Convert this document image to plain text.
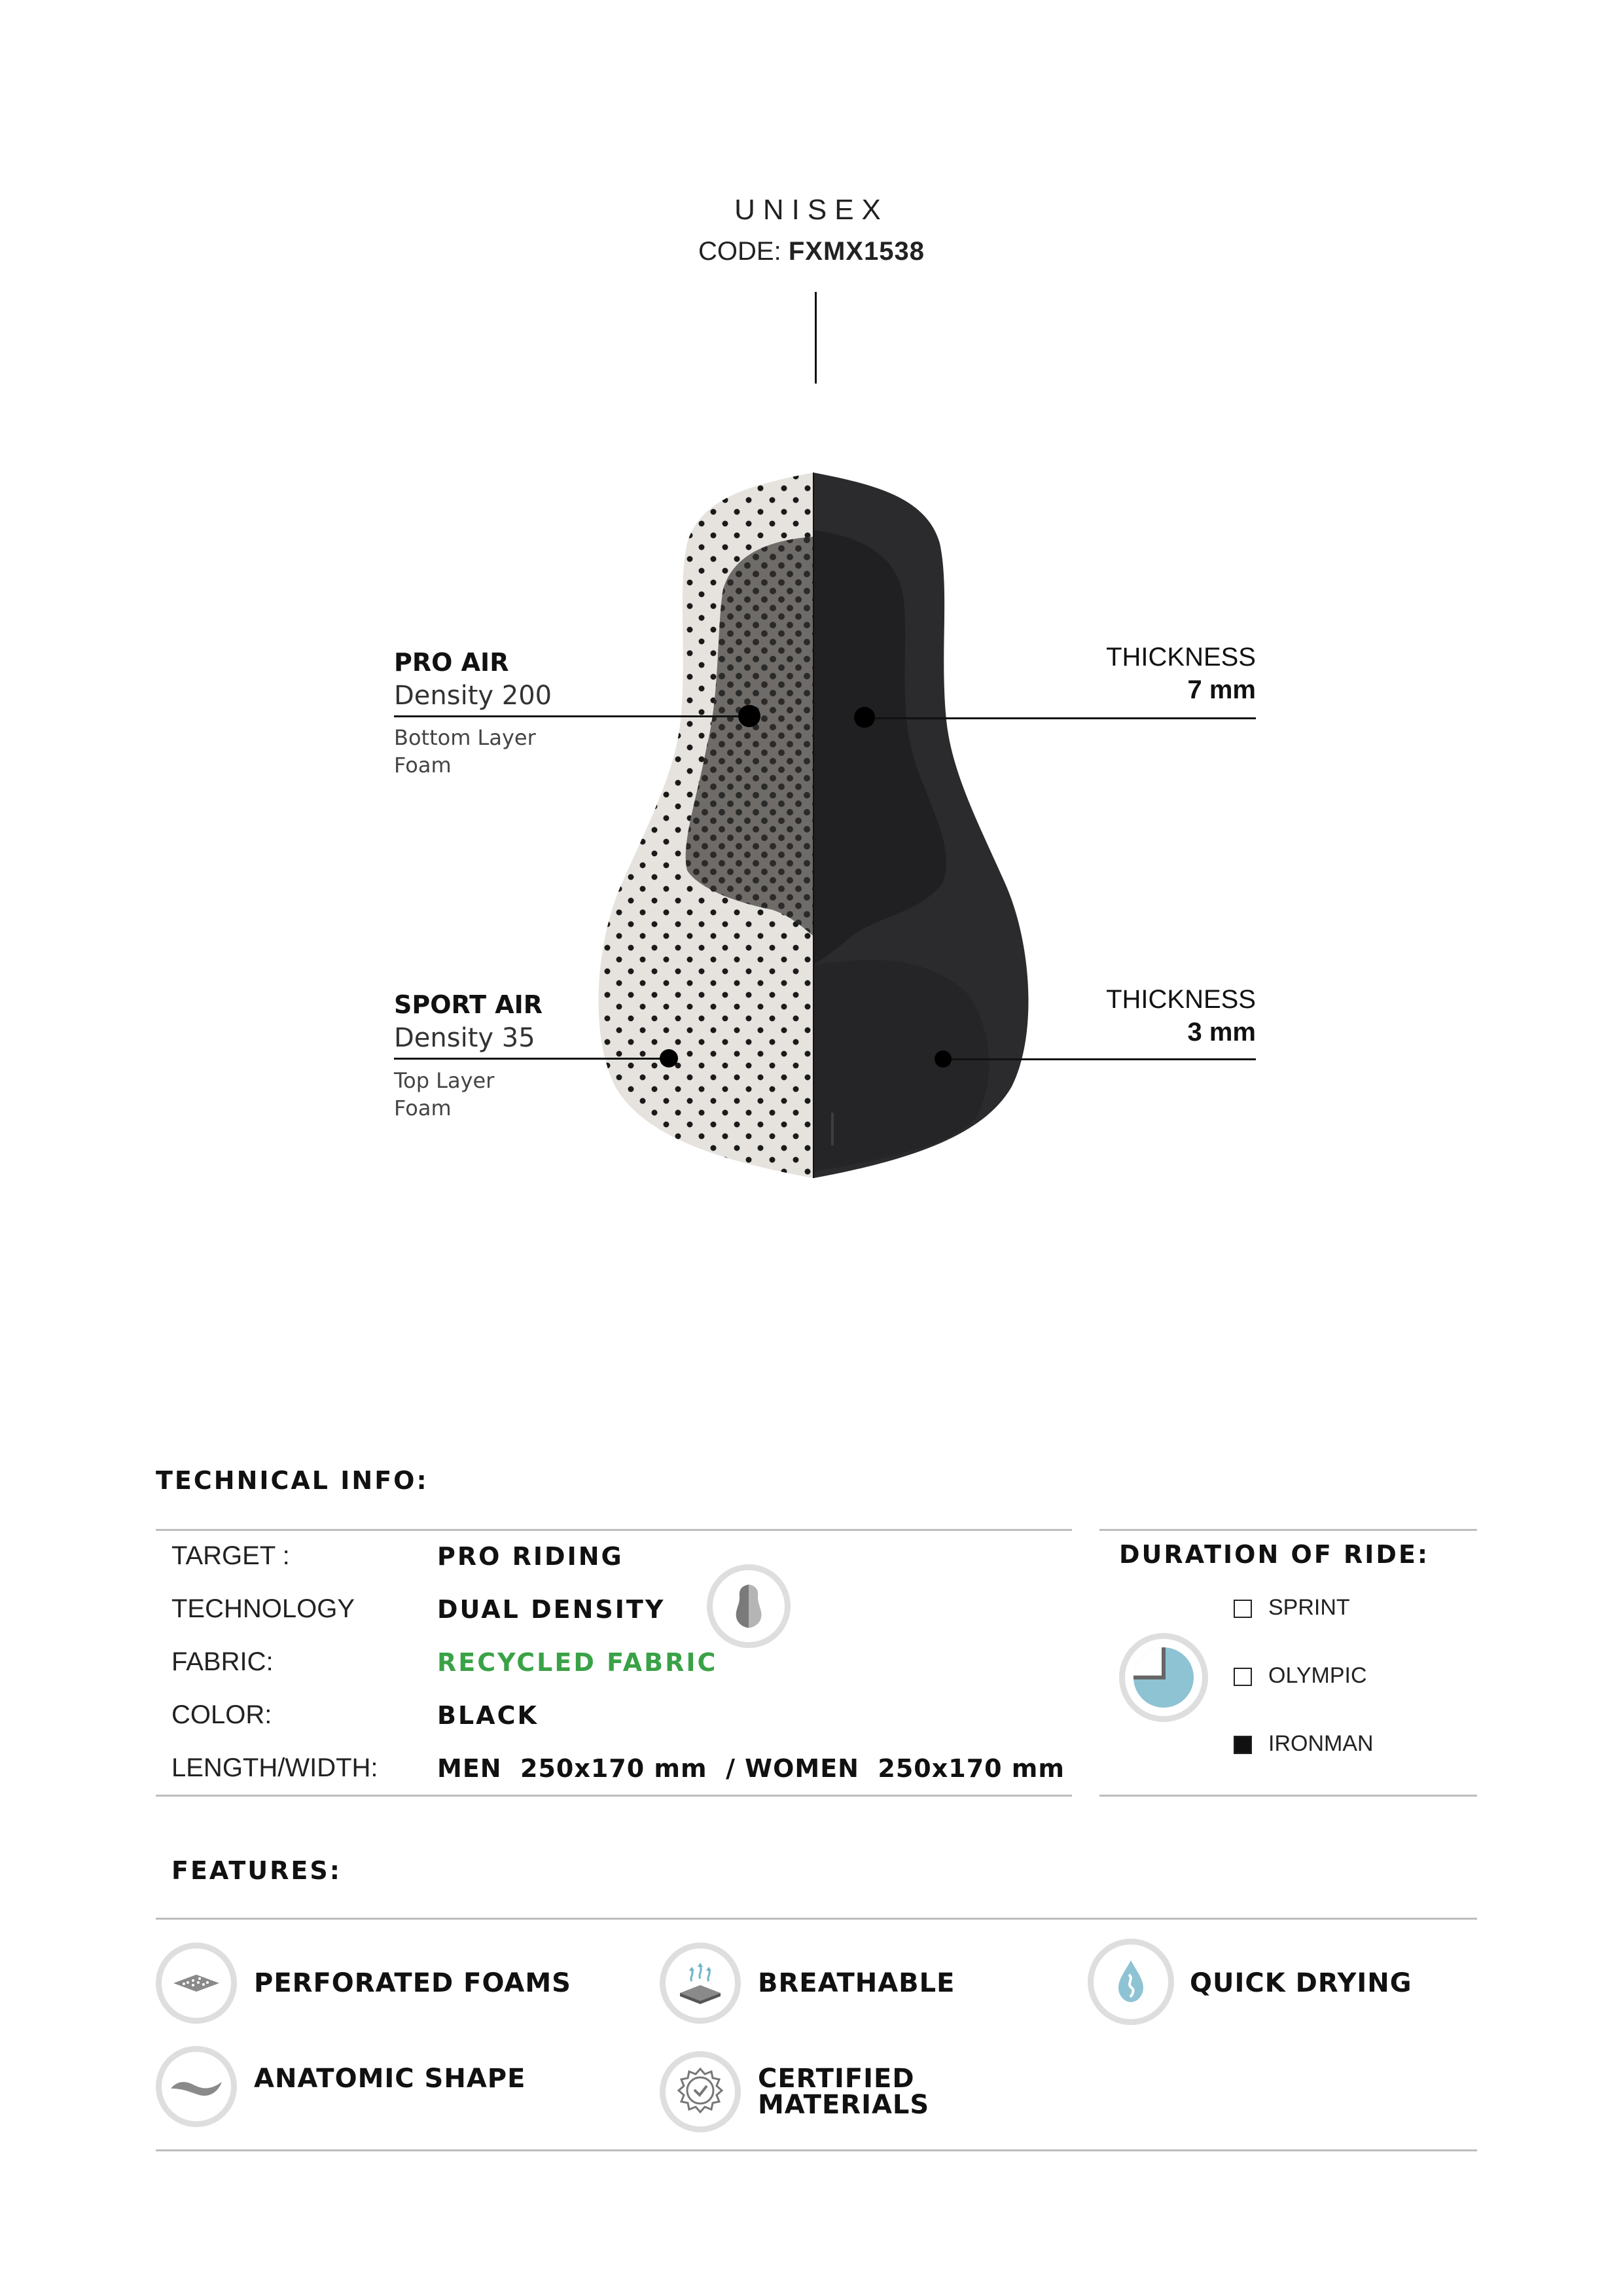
UNISEX
CODE: FXMX1538
PRO AIR
Density 200
Bottom Layer
Foam
SPORT AIR
Density 35
Top Layer
Foam
THICKNESS
7 mm
THICKNESS
3 mm
TECHNICAL INFO:
TARGET :	PRO RIDING
TECHNOLOGY	DUAL DENSITY
FABRIC:	RECYCLED FABRIC
COLOR:	BLACK
LENGTH/WIDTH: MEN  250x170 mm  / WOMEN  250x170 mm
DURATION OF RIDE:
SPRINT
OLYMPIC
IRONMAN
FEATURES:
PERFORATED FOAMS	BREATHABLE	QUICK DRYING
ANATOMIC SHAPE	CERTIFIED
MATERIALS
